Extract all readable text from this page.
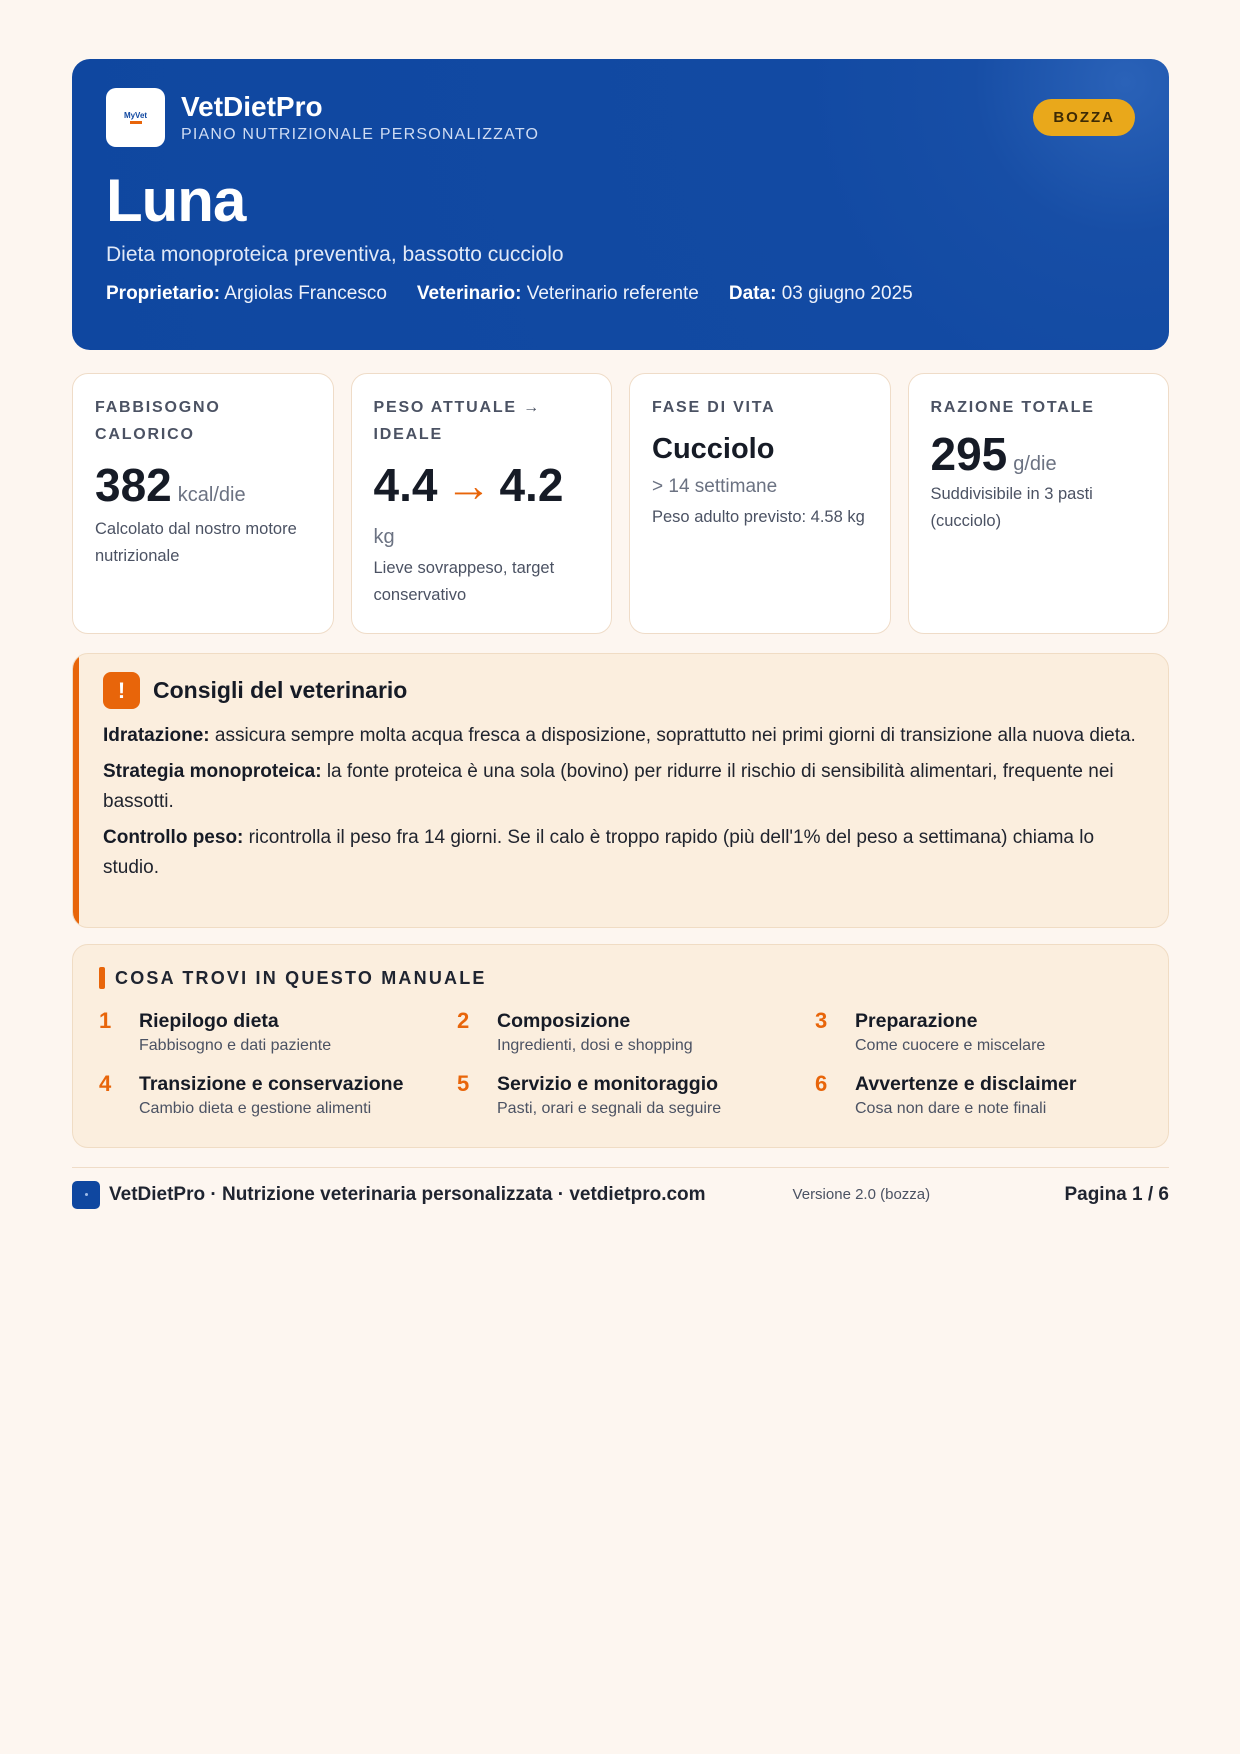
MyVet VetDietPro
PIANO NUTRIZIONALE PERSONALIZZATO
BOZZA
Luna
Dieta monoproteica preventiva, bassotto cucciolo
Proprietario: Argiolas Francesco Veterinario: Veterinario referente Data: 03 giugno 2025
FABBISOGNO CALORICO
382 kcal/die
Calcolato dal nostro motore nutrizionale
PESO ATTUALE → IDEALE
4.4 → 4.2
kg
Lieve sovrappeso, target conservativo
FASE DI VITA
Cucciolo
> 14 settimane
Peso adulto previsto: 4.58 kg
RAZIONE TOTALE
295 g/die
Suddivisibile in 3 pasti (cucciolo)
!	Consigli del veterinario

Idratazione: assicura sempre molta acqua fresca a disposizione, soprattutto nei primi giorni di transizione alla nuova dieta.

Strategia monoproteica: la fonte proteica è una sola (bovino) per ridurre il rischio di sensibilità alimentari, frequente nei bassotti.

Controllo peso: ricontrolla il peso fra 14 giorni. Se il calo è troppo rapido (più dell'1% del peso a settimana) chiama lo studio.

COSA TROVI IN QUESTO MANUALE
1	Riepilogo dieta
Fabbisogno e dati paziente
2	Composizione
Ingredienti, dosi e shopping
3	Preparazione
Come cuocere e miscelare
4	Transizione e conservazione
Cambio dieta e gestione alimenti
5	Servizio e monitoraggio
Pasti, orari e segnali da seguire
6	Avvertenze e disclaimer
Cosa non dare e note finali
VetDietPro · Nutrizione veterinaria personalizzata · vetdietpro.com	Versione 2.0 (bozza)	Pagina 1 / 6
